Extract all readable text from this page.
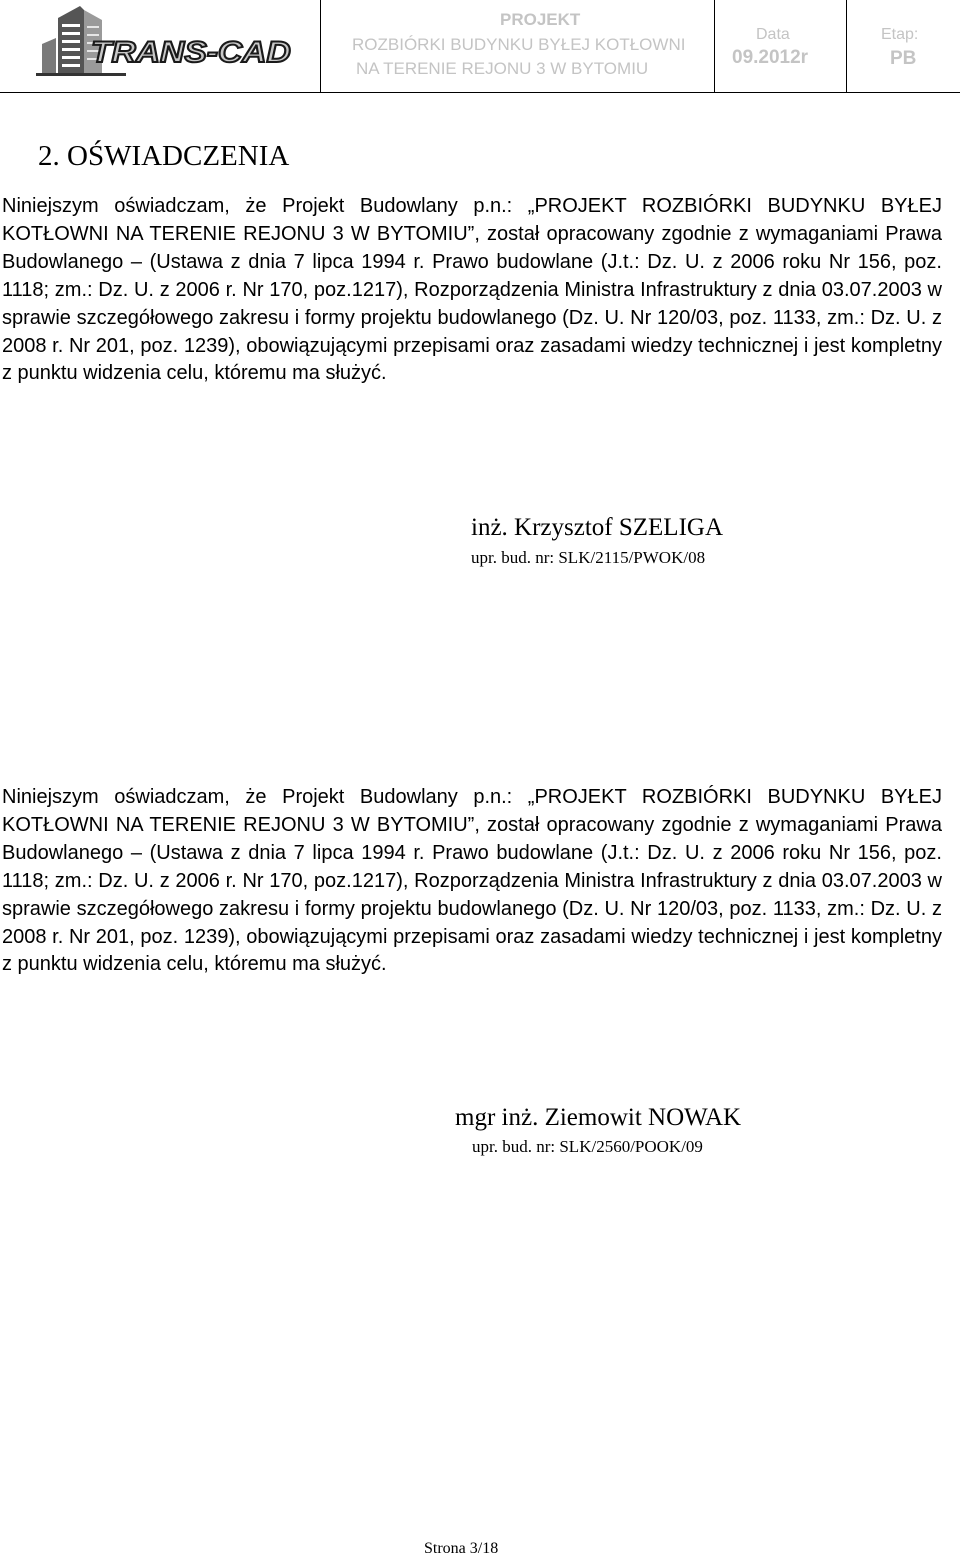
TRANS-CAD
PROJEKT
ROZBIÓRKI BUDYNKU BYŁEJ KOTŁOWNI
NA TERENIE REJONU 3 W BYTOMIU
Data
09.2012r
Etap:
PB
2. OŚWIADCZENIA

Niniejszym oświadczam, że Projekt Budowlany p.n.: „PROJEKT ROZBIÓRKI BUDYNKU BYŁEJ KOTŁOWNI NA TERENIE REJONU 3 W BYTOMIU”, został opracowany zgodnie z wymaganiami Prawa Budowlanego – (Ustawa z dnia 7 lipca 1994 r. Prawo budowlane (J.t.: Dz. U. z 2006 roku Nr 156, poz. 1118; zm.: Dz. U. z 2006 r. Nr 170, poz.1217), Rozporządzenia Ministra Infrastruktury z dnia 03.07.2003 w sprawie szczegółowego zakresu i formy projektu budowlanego (Dz. U. Nr 120/03, poz. 1133, zm.: Dz. U. z 2008 r. Nr 201, poz. 1239), obowiązującymi przepisami oraz zasadami wiedzy technicznej i jest kompletny z punktu widzenia celu, któremu ma służyć.

inż. Krzysztof SZELIGA
upr. bud. nr: SLK/2115/PWOK/08

Niniejszym oświadczam, że Projekt Budowlany p.n.: „PROJEKT ROZBIÓRKI BUDYNKU BYŁEJ KOTŁOWNI NA TERENIE REJONU 3 W BYTOMIU”, został opracowany zgodnie z wymaganiami Prawa Budowlanego – (Ustawa z dnia 7 lipca 1994 r. Prawo budowlane (J.t.: Dz. U. z 2006 roku Nr 156, poz. 1118; zm.: Dz. U. z 2006 r. Nr 170, poz.1217), Rozporządzenia Ministra Infrastruktury z dnia 03.07.2003 w sprawie szczegółowego zakresu i formy projektu budowlanego (Dz. U. Nr 120/03, poz. 1133, zm.: Dz. U. z 2008 r. Nr 201, poz. 1239), obowiązującymi przepisami oraz zasadami wiedzy technicznej i jest kompletny z punktu widzenia celu, któremu ma służyć.

mgr inż. Ziemowit NOWAK
upr. bud. nr: SLK/2560/POOK/09
Strona 3/18
